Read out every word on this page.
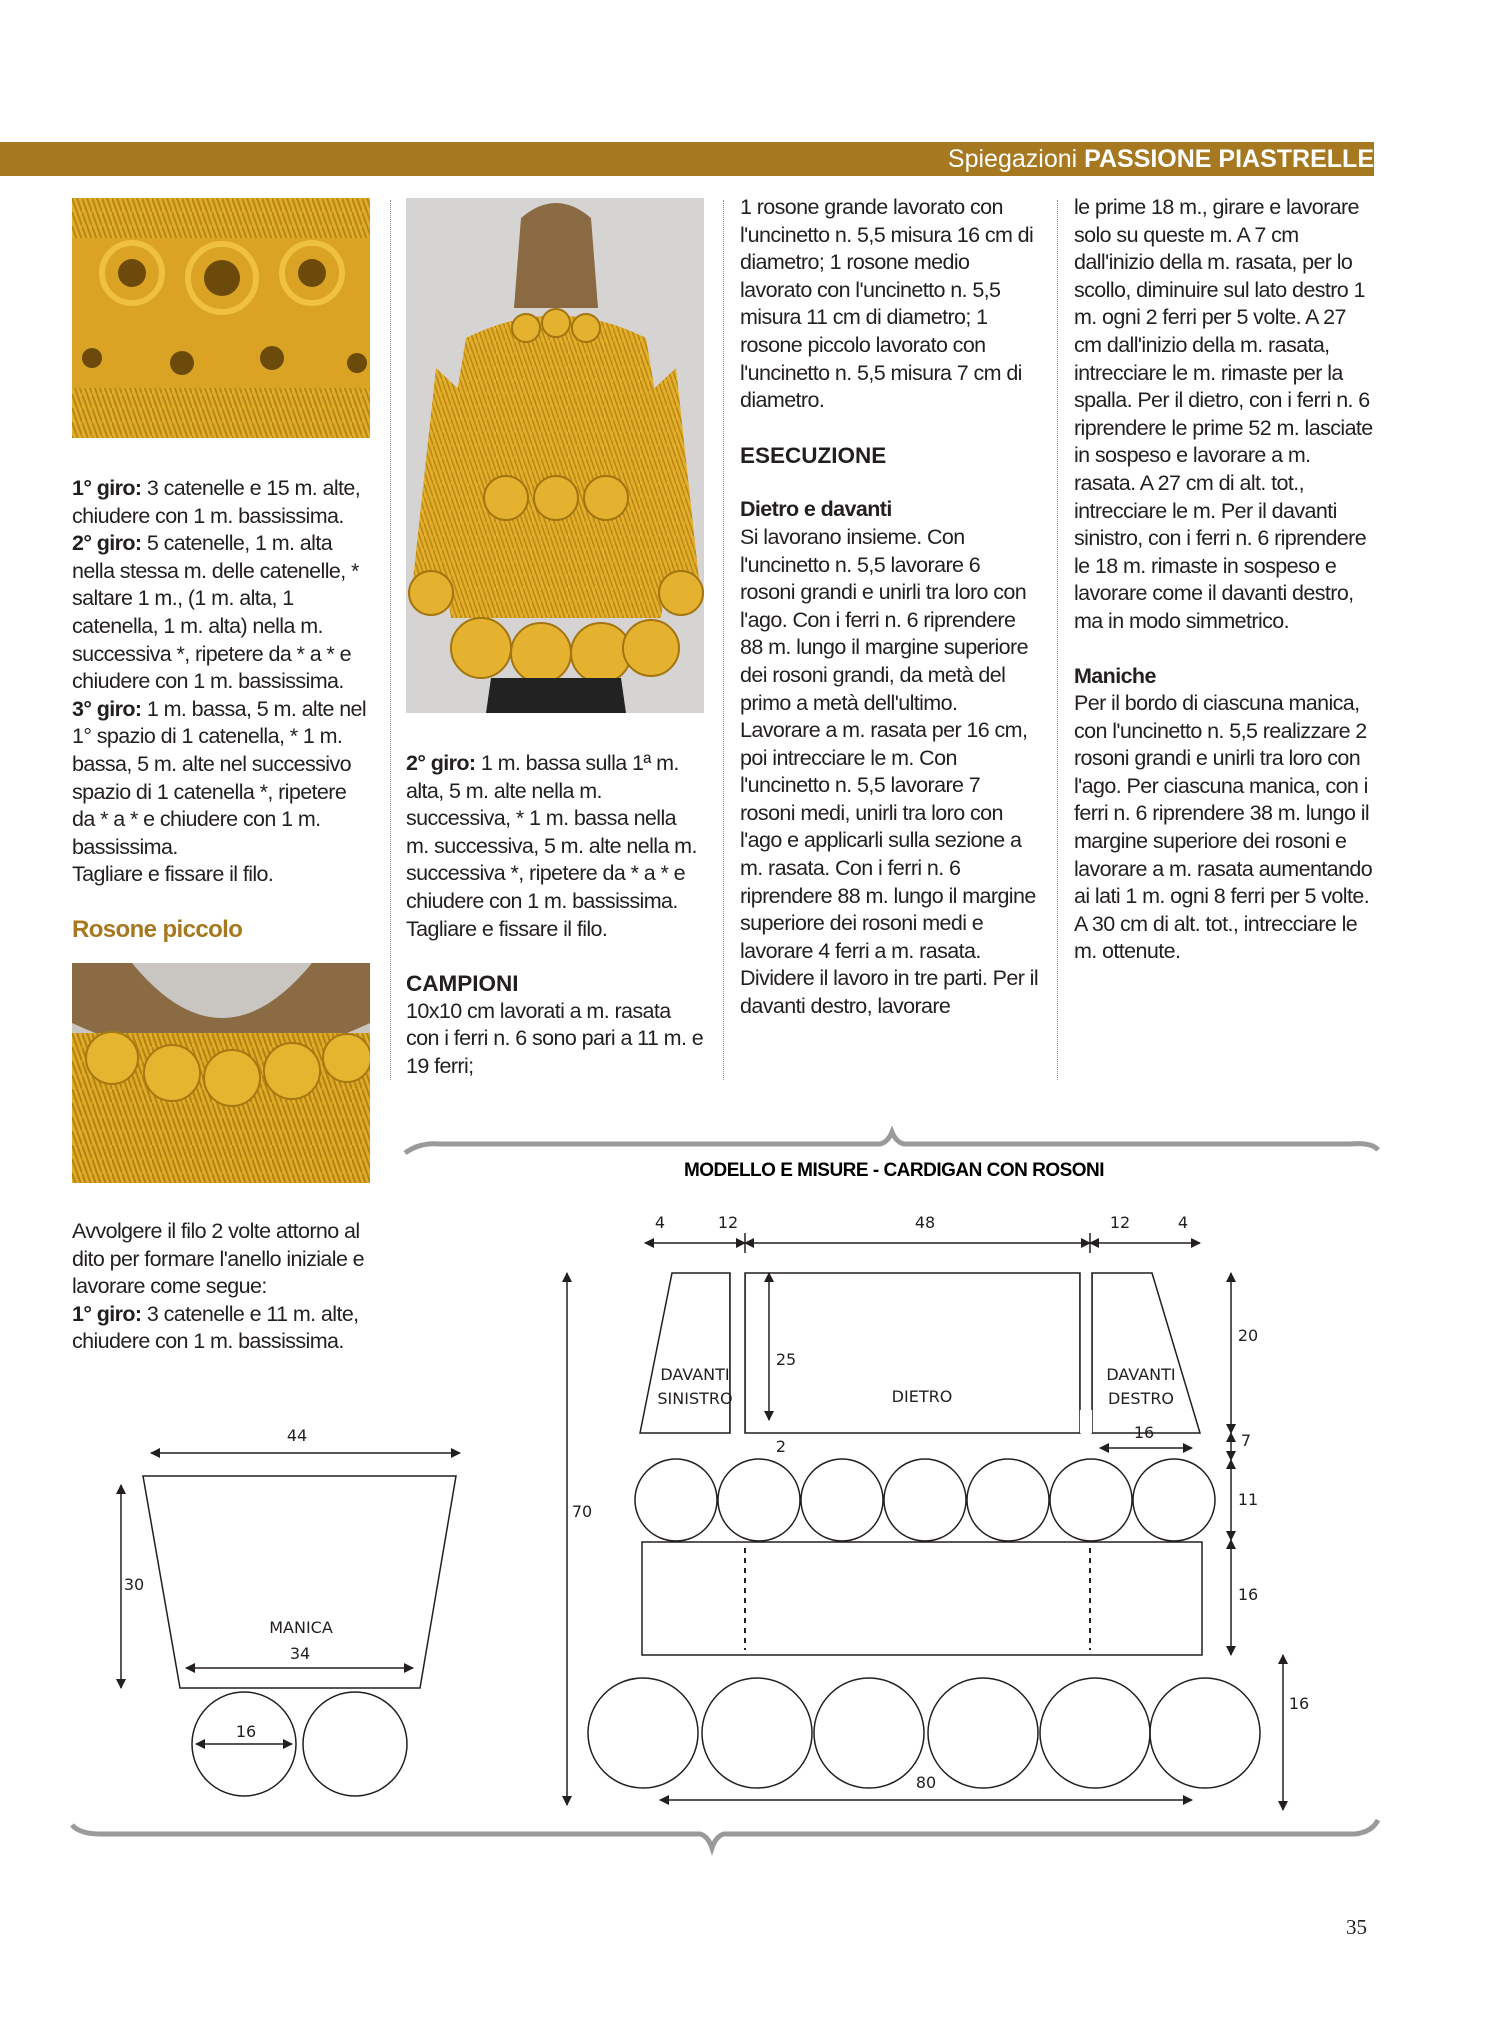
Spiegazioni PASSIONE PIASTRELLE

1° giro: 3 catenelle e 15 m. alte, chiudere con 1 m. bassissima.

2° giro: 5 catenelle, 1 m. alta nella stessa m. delle catenelle, * saltare 1 m., (1 m. alta, 1 catenella, 1 m. alta) nella m. successiva *, ripetere da * a * e chiudere con 1 m. bassissima.

3° giro: 1 m. bassa, 5 m. alte nel 1° spazio di 1 catenella, * 1 m. bassa, 5 m. alte nel successivo spazio di 1 catenella *, ripetere da * a * e chiudere con 1 m. bassissima.

Tagliare e fissare il filo.

Rosone piccolo

Avvolgere il filo 2 volte attorno al dito per formare l'anello iniziale e lavorare come segue:

1° giro: 3 catenelle e 11 m. alte, chiudere con 1 m. bassissima.

2° giro: 1 m. bassa sulla 1ª m. alta, 5 m. alte nella m. successiva, * 1 m. bassa nella m. successiva, 5 m. alte nella m. successiva *, ripetere da * a * e chiudere con 1 m. bassissima.

Tagliare e fissare il filo.

CAMPIONI

10x10 cm lavorati a m. rasata con i ferri n. 6 sono pari a 11 m. e 19 ferri;

1 rosone grande lavorato con l'uncinetto n. 5,5 misura 16 cm di diametro; 1 rosone medio lavorato con l'uncinetto n. 5,5 misura 11 cm di diametro; 1 rosone piccolo lavorato con l'uncinetto n. 5,5 misura 7 cm di diametro.

ESECUZIONE
Dietro e davanti

Si lavorano insieme. Con l'uncinetto n. 5,5 lavorare 6 rosoni grandi e unirli tra loro con l'ago. Con i ferri n. 6 riprendere 88 m. lungo il margine superiore dei rosoni grandi, da metà del primo a metà dell'ultimo. Lavorare a m. rasata per 16 cm, poi intrecciare le m. Con l'uncinetto n. 5,5 lavorare 7 rosoni medi, unirli tra loro con l'ago e applicarli sulla sezione a m. rasata. Con i ferri n. 6 riprendere 88 m. lungo il margine superiore dei rosoni medi e lavorare 4 ferri a m. rasata. Dividere il lavoro in tre parti. Per il davanti destro, lavorare

le prime 18 m., girare e lavorare solo su queste m. A 7 cm dall'inizio della m. rasata, per lo scollo, diminuire sul lato destro 1 m. ogni 2 ferri per 5 volte. A 27 cm dall'inizio della m. rasata, intrecciare le m. rimaste per la spalla. Per il dietro, con i ferri n. 6 riprendere le prime 52 m. lasciate in sospeso e lavorare a m. rasata. A 27 cm di alt. tot., intrecciare le m. Per il davanti sinistro, con i ferri n. 6 riprendere le 18 m. rimaste in sospeso e lavorare come il davanti destro, ma in modo simmetrico.

Maniche

Per il bordo di ciascuna manica, con l'uncinetto n. 5,5 realizzare 2 rosoni grandi e unirli tra loro con l'ago. Per ciascuna manica, con i ferri n. 6 riprendere 38 m. lungo il margine superiore dei rosoni e lavorare a m. rasata aumentando ai lati 1 m. ogni 8 ferri per 5 volte. A 30 cm di alt. tot., intrecciare le m. ottenute.

MODELLO E MISURE - CARDIGAN CON ROSONI
4	12	48	12	4
25
2
DAVANTI
SINISTRO	DIETRO
DAVANTI
DESTRO
16
20
7
11
16
16
70
80
44
30
MANICA
34
16
35
